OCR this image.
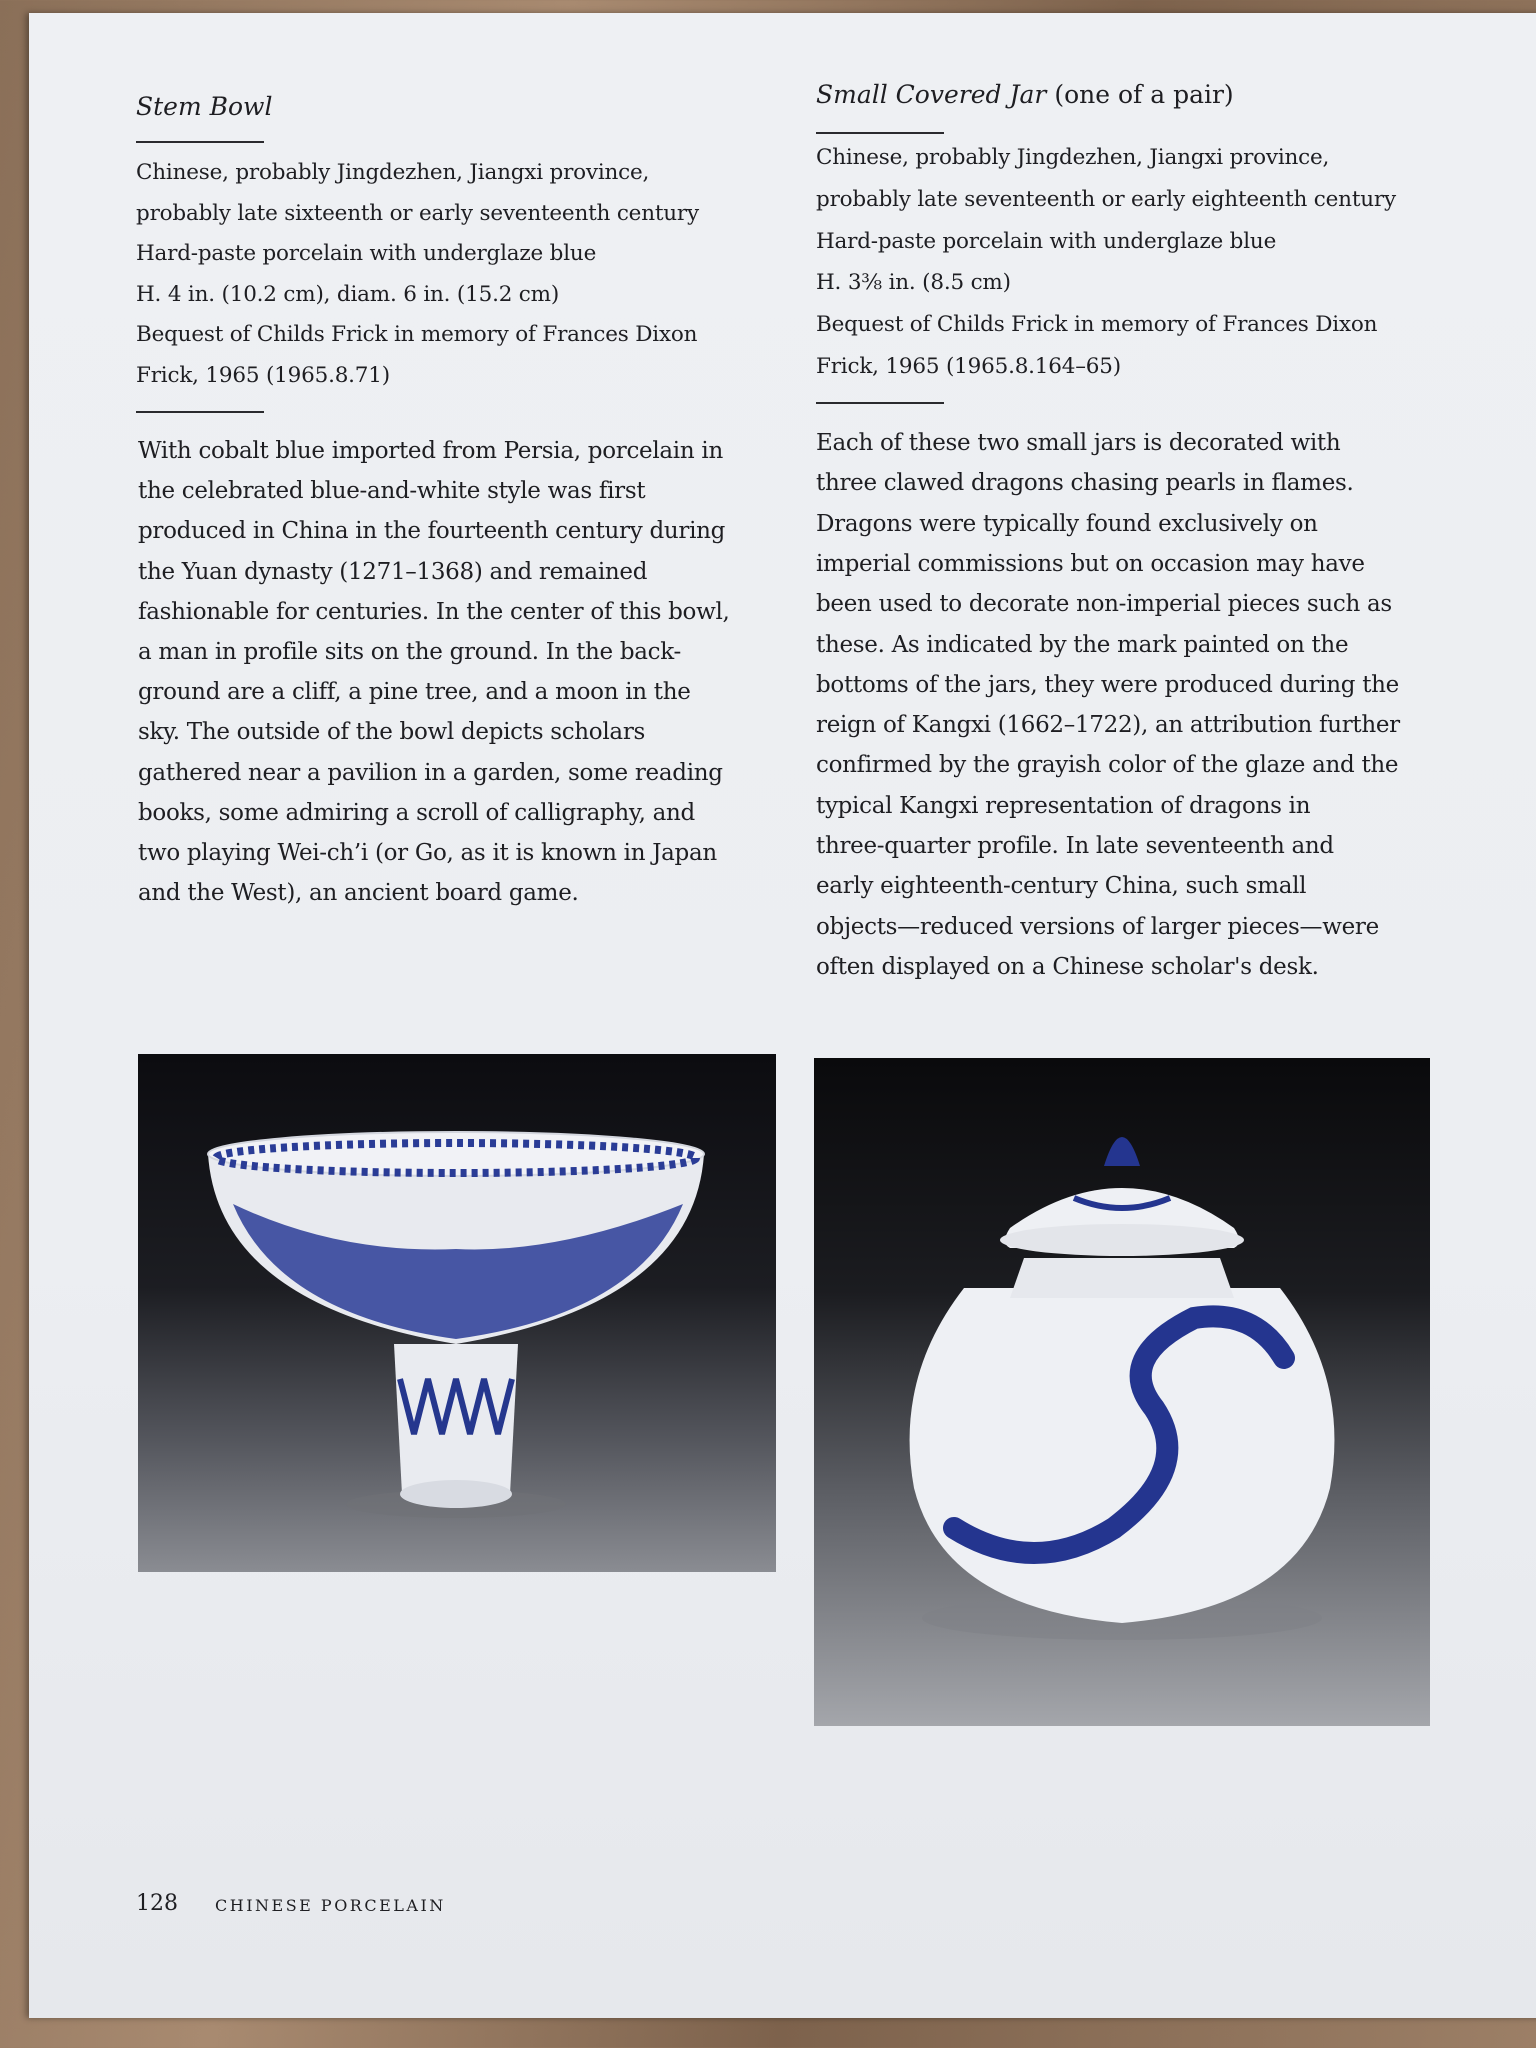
Stem Bowl
Chinese, probably Jingdezhen, Jiangxi province,
probably late sixteenth or early seventeenth century
Hard-paste porcelain with underglaze blue
H. 4 in. (10.2 cm), diam. 6 in. (15.2 cm)
Bequest of Childs Frick in memory of Frances Dixon
Frick, 1965 (1965.8.71)
With cobalt blue imported from Persia, porcelain in
the celebrated blue-and-white style was first
produced in China in the fourteenth century during
the Yuan dynasty (1271–1368) and remained
fashionable for centuries. In the center of this bowl,
a man in profile sits on the ground. In the back-
ground are a cliff, a pine tree, and a moon in the
sky. The outside of the bowl depicts scholars
gathered near a pavilion in a garden, some reading
books, some admiring a scroll of calligraphy, and
two playing Wei-ch’i (or Go, as it is known in Japan
and the West), an ancient board game.
Small Covered Jar (one of a pair)
Chinese, probably Jingdezhen, Jiangxi province,
probably late seventeenth or early eighteenth century
Hard-paste porcelain with underglaze blue
H. 3⅜ in. (8.5 cm)
Bequest of Childs Frick in memory of Frances Dixon
Frick, 1965 (1965.8.164–65)
Each of these two small jars is decorated with
three clawed dragons chasing pearls in flames.
Dragons were typically found exclusively on
imperial commissions but on occasion may have
been used to decorate non-imperial pieces such as
these. As indicated by the mark painted on the
bottoms of the jars, they were produced during the
reign of Kangxi (1662–1722), an attribution further
confirmed by the grayish color of the glaze and the
typical Kangxi representation of dragons in
three-quarter profile. In late seventeenth and
early eighteenth-century China, such small
objects—reduced versions of larger pieces—were
often displayed on a Chinese scholar's desk.
128 CHINESE PORCELAIN
